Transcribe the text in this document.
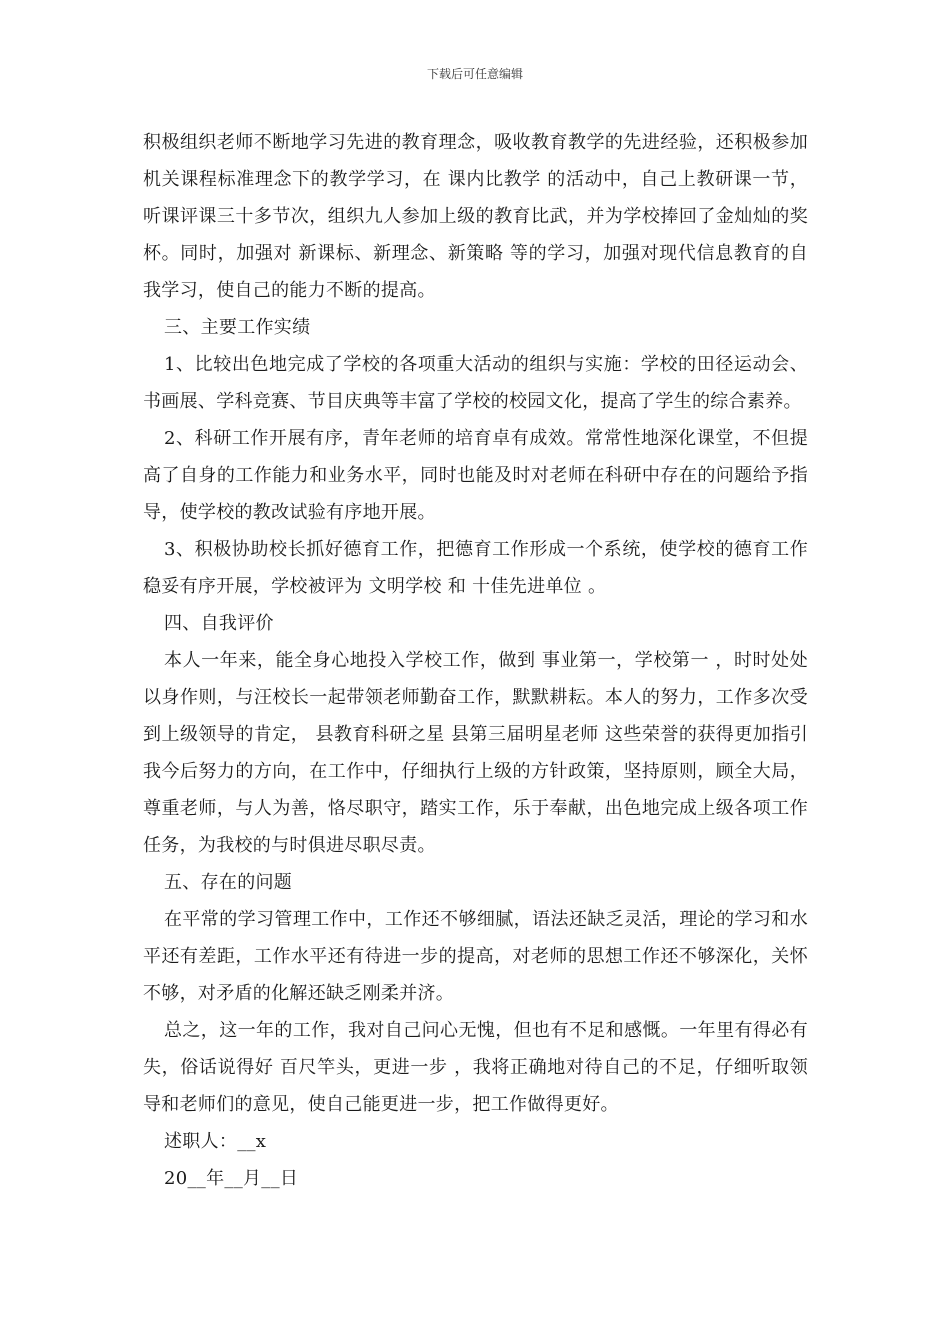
下载后可任意编辑

积极组织老师不断地学习先进的教育理念，吸收教育教学的先进经验，还积极参加机关课程标准理念下的教学学习，在 课内比教学 的活动中，自己上教研课一节，听课评课三十多节次，组织九人参加上级的教育比武，并为学校捧回了金灿灿的奖杯。同时，加强对 新课标、新理念、新策略 等的学习，加强对现代信息教育的自我学习，使自己的能力不断的提高。

三、主要工作实绩

1、比较出色地完成了学校的各项重大活动的组织与实施：学校的田径运动会、书画展、学科竞赛、节目庆典等丰富了学校的校园文化，提高了学生的综合素养。

2、科研工作开展有序，青年老师的培育卓有成效。常常性地深化课堂，不但提高了自身的工作能力和业务水平，同时也能及时对老师在科研中存在的问题给予指导，使学校的教改试验有序地开展。

3、积极协助校长抓好德育工作，把德育工作形成一个系统，使学校的德育工作稳妥有序开展，学校被评为 文明学校 和 十佳先进单位 。

四、自我评价

本人一年来，能全身心地投入学校工作，做到 事业第一，学校第一 ，时时处处以身作则，与汪校长一起带领老师勤奋工作，默默耕耘。本人的努力，工作多次受到上级领导的肯定， 县教育科研之星 县第三届明星老师 这些荣誉的获得更加指引我今后努力的方向，在工作中，仔细执行上级的方针政策，坚持原则，顾全大局，尊重老师，与人为善，恪尽职守，踏实工作，乐于奉献，出色地完成上级各项工作任务，为我校的与时俱进尽职尽责。

五、存在的问题

在平常的学习管理工作中，工作还不够细腻，语法还缺乏灵活，理论的学习和水平还有差距，工作水平还有待进一步的提高，对老师的思想工作还不够深化，关怀不够，对矛盾的化解还缺乏刚柔并济。

总之，这一年的工作，我对自己问心无愧，但也有不足和感慨。一年里有得必有失，俗话说得好 百尺竿头，更进一步 ，我将正确地对待自己的不足，仔细听取领导和老师们的意见，使自己能更进一步，把工作做得更好。

述职人：__x

20__年__月__日
